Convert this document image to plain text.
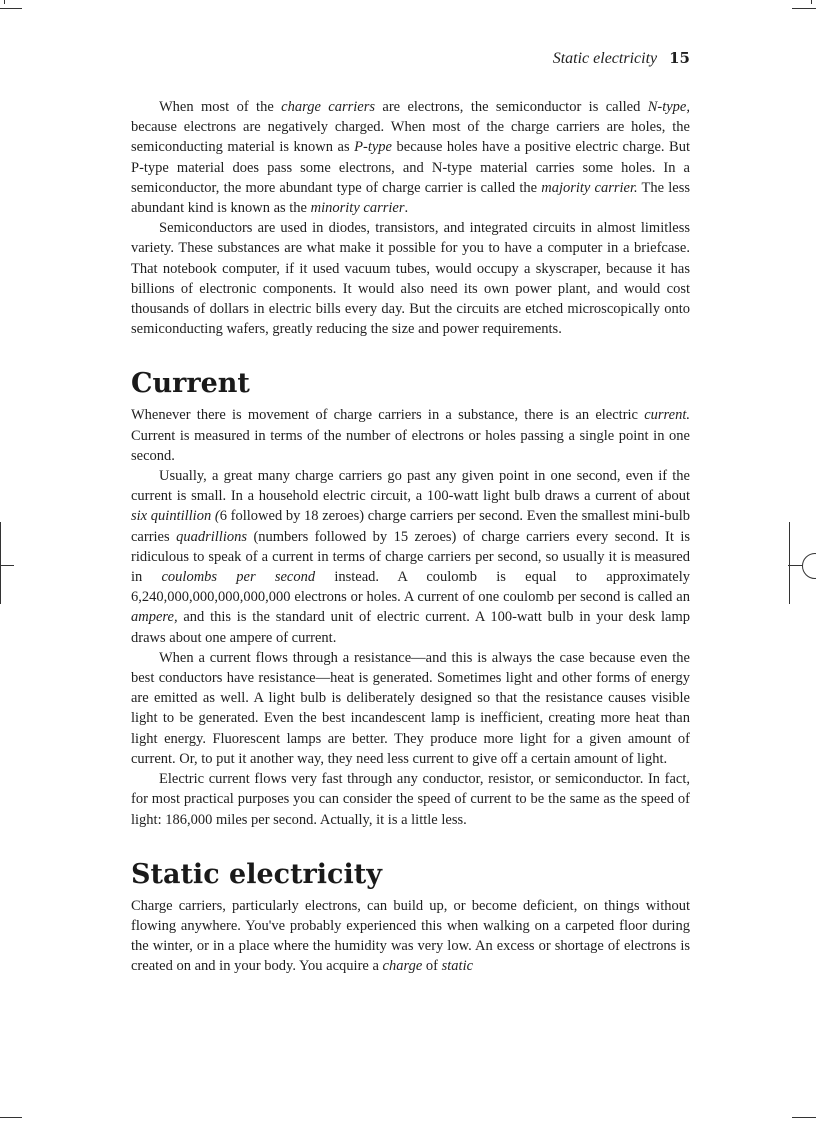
Static electricity 15

When most of the charge carriers are electrons, the semiconductor is called N-type, because electrons are negatively charged. When most of the charge carriers are holes, the semiconducting material is known as P-type because holes have a positive electric charge. But P-type material does pass some electrons, and N-type material carries some holes. In a semiconductor, the more abundant type of charge carrier is called the majority carrier. The less abundant kind is known as the minority carrier.

Semiconductors are used in diodes, transistors, and integrated circuits in almost limitless variety. These substances are what make it possible for you to have a computer in a briefcase. That notebook computer, if it used vacuum tubes, would occupy a skyscraper, because it has billions of electronic components. It would also need its own power plant, and would cost thousands of dollars in electric bills every day. But the circuits are etched microscopically onto semiconducting wafers, greatly reducing the size and power requirements.

Current

Whenever there is movement of charge carriers in a substance, there is an electric current. Current is measured in terms of the number of electrons or holes passing a single point in one second.

Usually, a great many charge carriers go past any given point in one second, even if the current is small. In a household electric circuit, a 100-watt light bulb draws a current of about six quintillion (6 followed by 18 zeroes) charge carriers per second. Even the smallest mini-bulb carries quadrillions (numbers followed by 15 zeroes) of charge carriers every second. It is ridiculous to speak of a current in terms of charge carriers per second, so usually it is measured in coulombs per second instead. A coulomb is equal to approximately 6,240,000,000,000,000,000 electrons or holes. A current of one coulomb per second is called an ampere, and this is the standard unit of electric current. A 100-watt bulb in your desk lamp draws about one ampere of current.

When a current flows through a resistance—and this is always the case because even the best conductors have resistance—heat is generated. Sometimes light and other forms of energy are emitted as well. A light bulb is deliberately designed so that the resistance causes visible light to be generated. Even the best incandescent lamp is inefficient, creating more heat than light energy. Fluorescent lamps are better. They produce more light for a given amount of current. Or, to put it another way, they need less current to give off a certain amount of light.

Electric current flows very fast through any conductor, resistor, or semiconductor. In fact, for most practical purposes you can consider the speed of current to be the same as the speed of light: 186,000 miles per second. Actually, it is a little less.

Static electricity

Charge carriers, particularly electrons, can build up, or become deficient, on things without flowing anywhere. You've probably experienced this when walking on a carpeted floor during the winter, or in a place where the humidity was very low. An excess or shortage of electrons is created on and in your body. You acquire a charge of static
